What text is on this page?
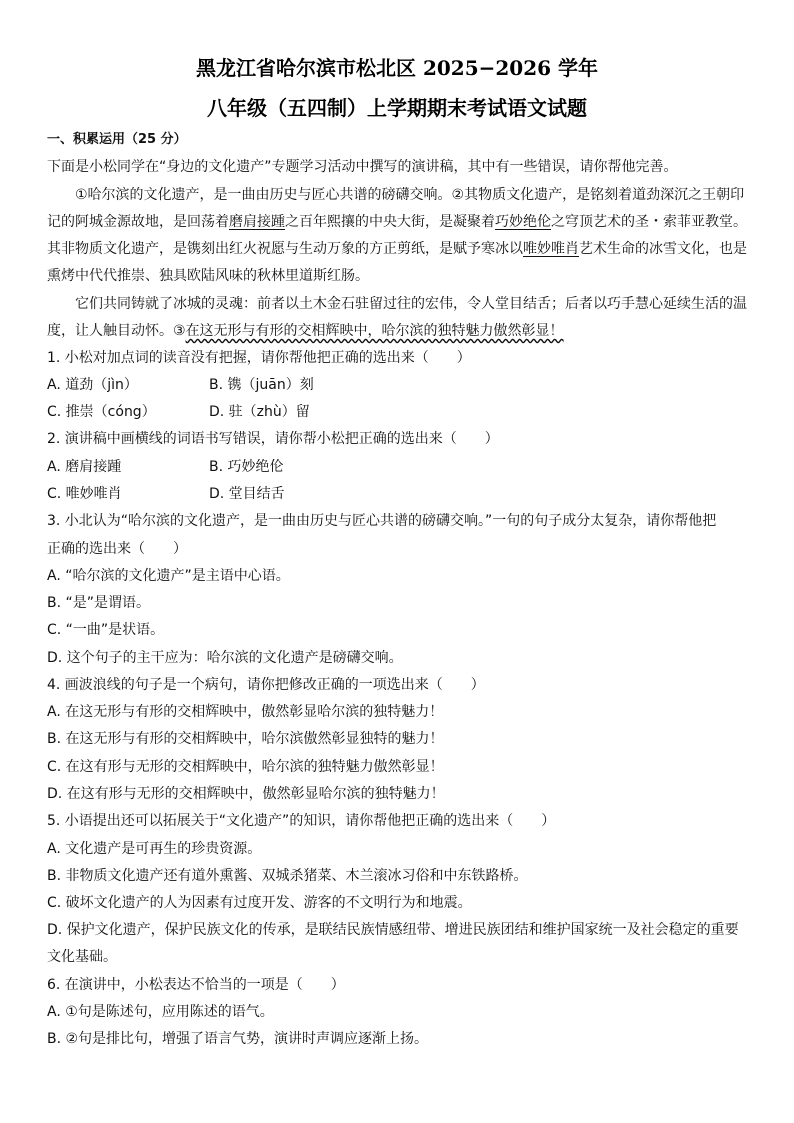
黑龙江省哈尔滨市松北区 2025−2026 学年
八年级（五四制）上学期期末考试语文试题
一、积累运用（25 分）
下面是小松同学在“身边的文化遗产”专题学习活动中撰写的演讲稿，其中有一些错误，请你帮他完善。
①哈尔滨的文化遗产，是一曲由历史与匠心共谱的磅礴交响。②其物质文化遗产，是铭刻着道劲深沉之王朝印
记的阿城金源故地，是回荡着磨肩接踵之百年熙攘的中央大街，是凝聚着巧妙绝伦之穹顶艺术的圣・索菲亚教堂。
其非物质文化遗产，是镌刻出红火祝愿与生动万象的方正剪纸，是赋予寒冰以唯妙唯肖艺术生命的冰雪文化，也是
熏烤中代代推崇、独具欧陆风味的秋林里道斯红肠。
它们共同铸就了冰城的灵魂：前者以土木金石驻留过往的宏伟，令人堂目结舌；后者以巧手慧心延续生活的温
度，让人触目动怀。③在这无形与有形的交相辉映中，哈尔滨的独特魅力傲然彰显！
1. 小松对加点词的读音没有把握，请你帮他把正确的选出来（　　）
A. 道劲（jìn）	B. 镌（juān）刻
C. 推崇（cóng）	D. 驻（zhù）留
2. 演讲稿中画横线的词语书写错误，请你帮小松把正确的选出来（　　）
A. 磨肩接踵	B. 巧妙绝伦
C. 唯妙唯肖	D. 堂目结舌
3. 小北认为“哈尔滨的文化遗产，是一曲由历史与匠心共谱的磅礴交响。”一句的句子成分太复杂，请你帮他把
正确的选出来（　　）
A. “哈尔滨的文化遗产”是主语中心语。
B. “是”是谓语。
C. “一曲”是状语。
D. 这个句子的主干应为：哈尔滨的文化遗产是磅礴交响。
4. 画波浪线的句子是一个病句，请你把修改正确的一项选出来（　　）
A. 在这无形与有形的交相辉映中，傲然彰显哈尔滨的独特魅力！
B. 在这无形与有形的交相辉映中，哈尔滨傲然彰显独特的魅力！
C. 在这有形与无形的交相辉映中，哈尔滨的独特魅力傲然彰显！
D. 在这有形与无形的交相辉映中，傲然彰显哈尔滨的独特魅力！
5. 小语提出还可以拓展关于“文化遗产”的知识，请你帮他把正确的选出来（　　）
A. 文化遗产是可再生的珍贵资源。
B. 非物质文化遗产还有道外熏酱、双城杀猪菜、木兰滚冰习俗和中东铁路桥。
C. 破坏文化遗产的人为因素有过度开发、游客的不文明行为和地震。
D. 保护文化遗产，保护民族文化的传承，是联结民族情感纽带、增进民族团结和维护国家统一及社会稳定的重要
文化基础。
6. 在演讲中，小松表达不恰当的一项是（　　）
A. ①句是陈述句，应用陈述的语气。
B. ②句是排比句，增强了语言气势，演讲时声调应逐渐上扬。
